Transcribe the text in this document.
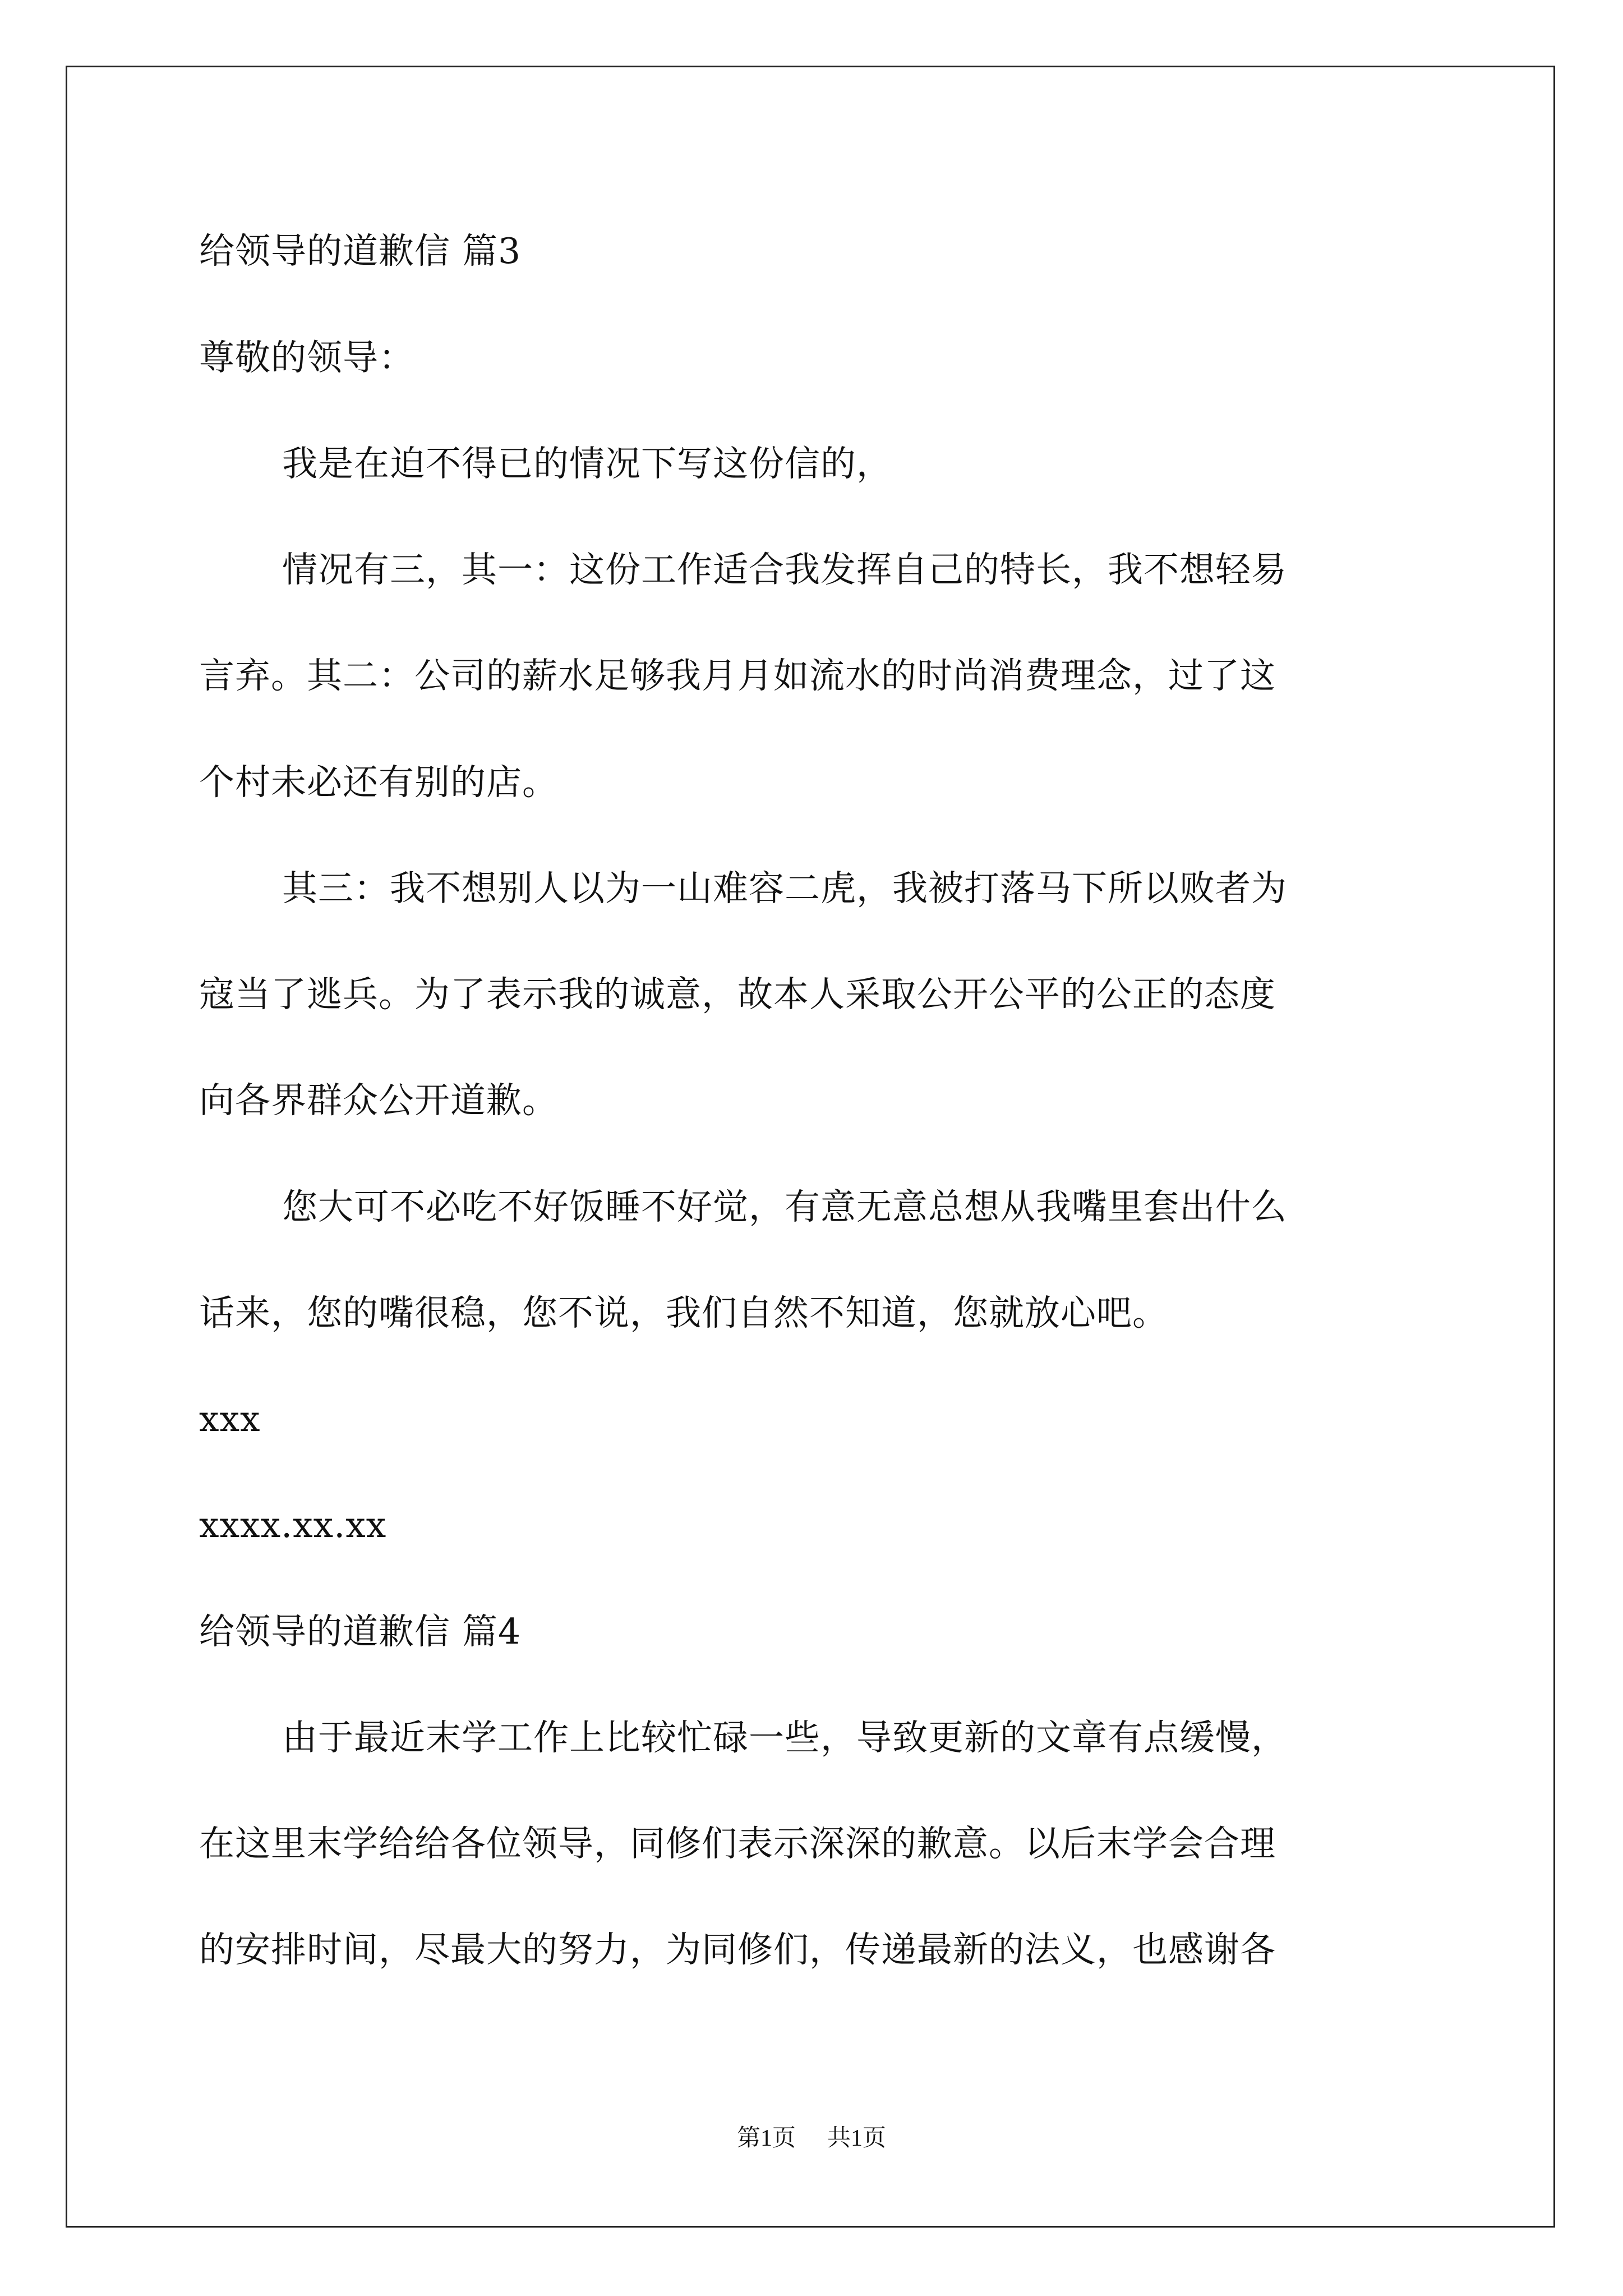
给领导的道歉信 篇3
尊敬的领导：
我是在迫不得已的情况下写这份信的，
情况有三，其一：这份工作适合我发挥自己的特长，我不想轻易
言弃。其二：公司的薪水足够我月月如流水的时尚消费理念，过了这
个村未必还有别的店。
其三：我不想别人以为一山难容二虎，我被打落马下所以败者为
寇当了逃兵。为了表示我的诚意，故本人采取公开公平的公正的态度
向各界群众公开道歉。
您大可不必吃不好饭睡不好觉，有意无意总想从我嘴里套出什么
话来，您的嘴很稳，您不说，我们自然不知道，您就放心吧。
xxx
xxxx.xx.xx
给领导的道歉信 篇4
由于最近末学工作上比较忙碌一些，导致更新的文章有点缓慢，
在这里末学给给各位领导，同修们表示深深的歉意。以后末学会合理
的安排时间，尽最大的努力，为同修们，传递最新的法义，也感谢各
第1页 共1页
